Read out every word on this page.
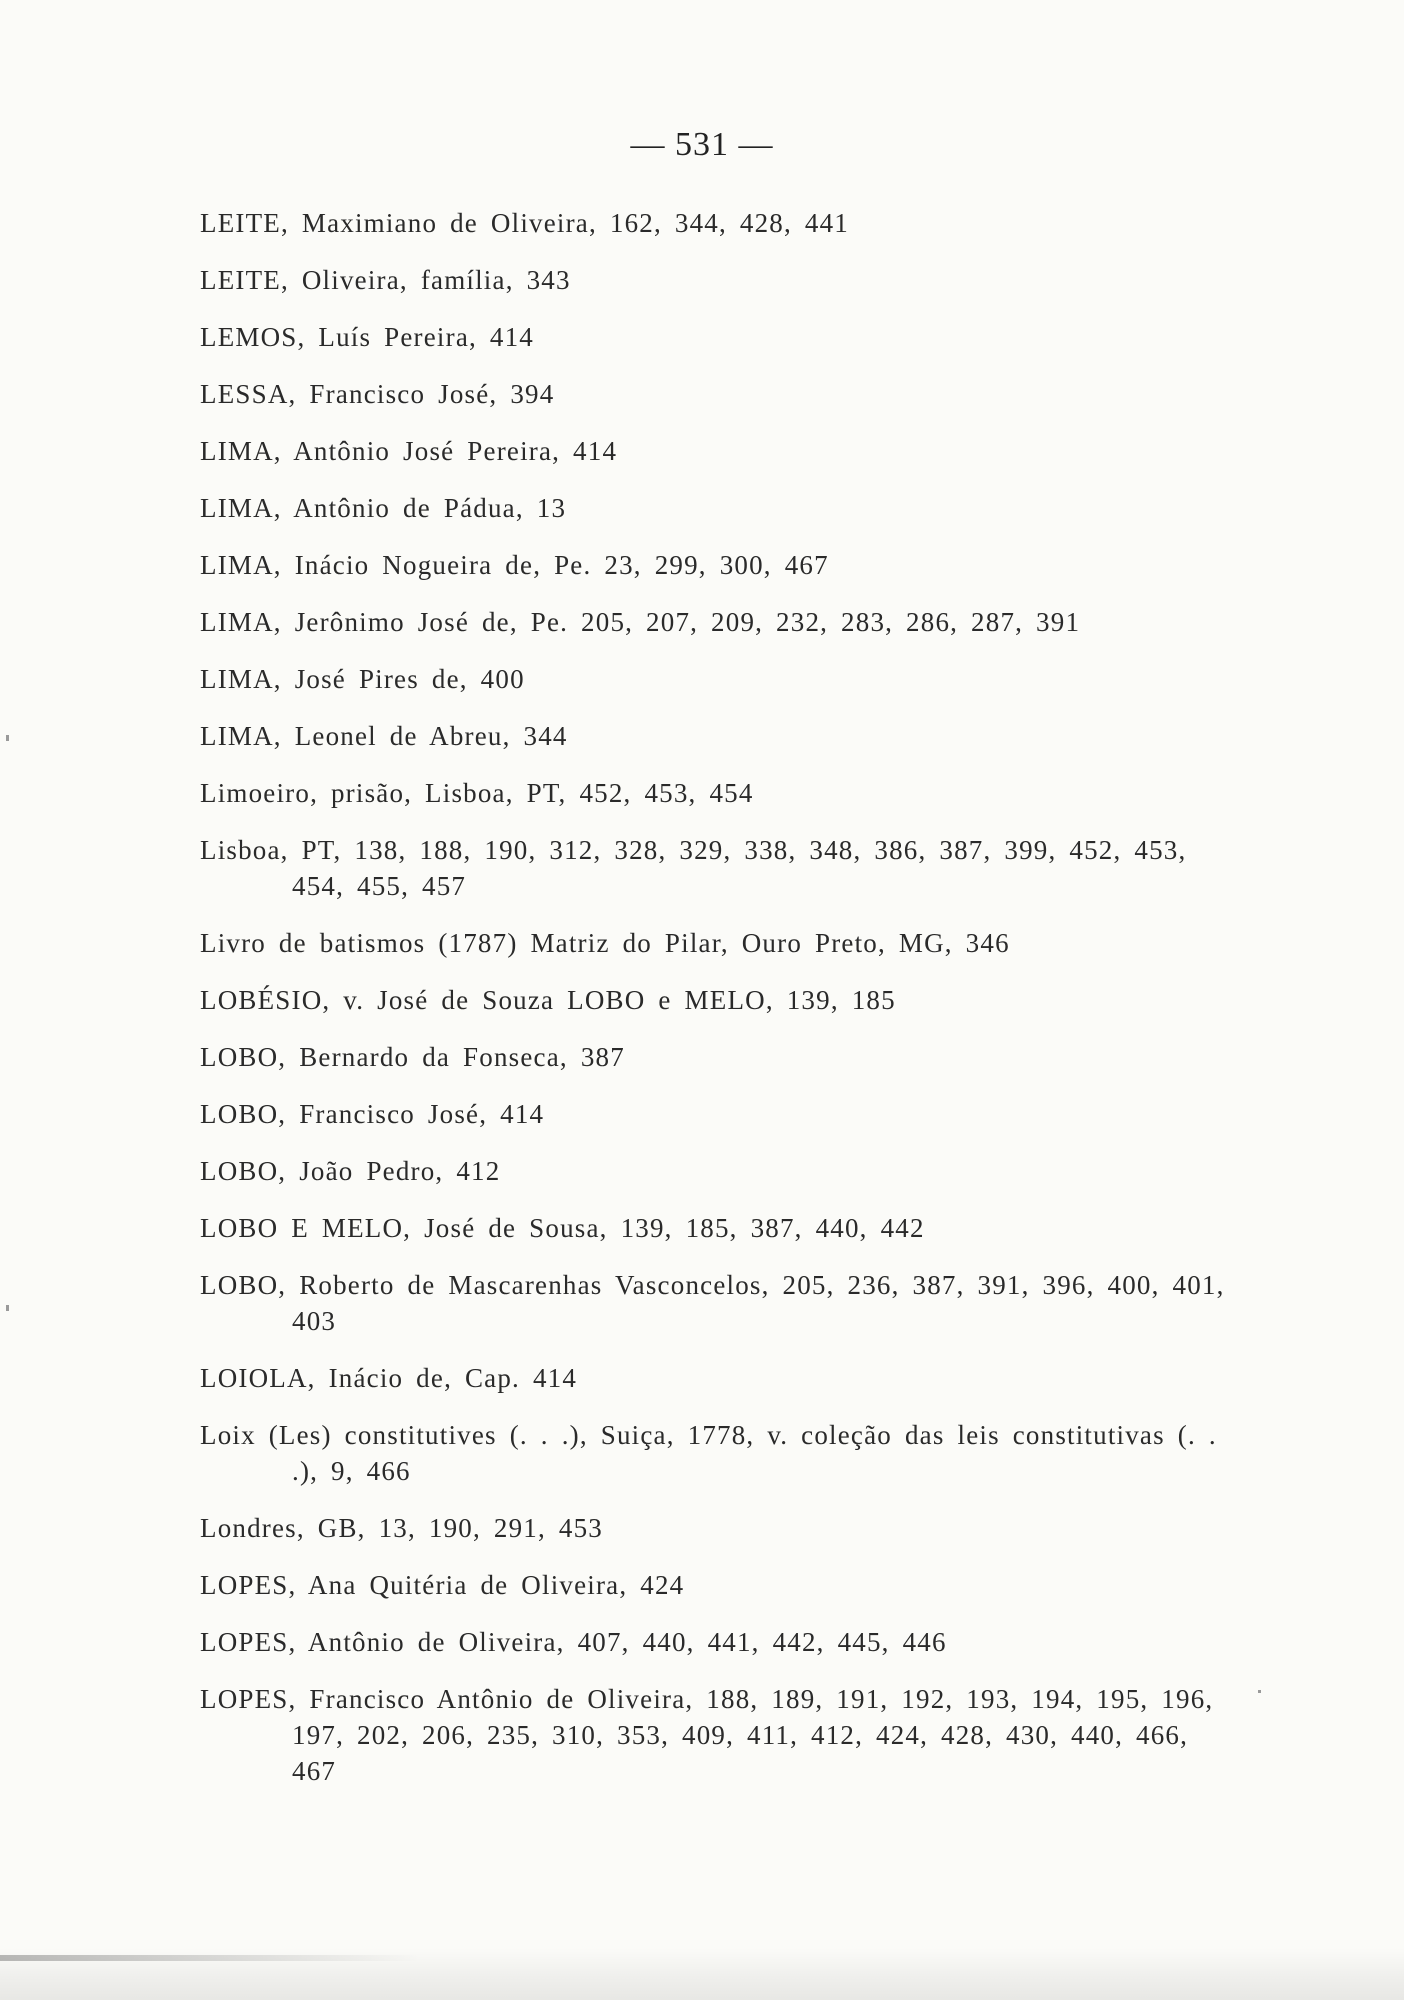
— 531 —
LEITE, Maximiano de Oliveira, 162, 344, 428, 441
LEITE, Oliveira, família, 343
LEMOS, Luís Pereira, 414
LESSA, Francisco José, 394
LIMA, Antônio José Pereira, 414
LIMA, Antônio de Pádua, 13
LIMA, Inácio Nogueira de, Pe. 23, 299, 300, 467
LIMA, Jerônimo José de, Pe. 205, 207, 209, 232, 283, 286, 287, 391
LIMA, José Pires de, 400
LIMA, Leonel de Abreu, 344
Limoeiro, prisão, Lisboa, PT, 452, 453, 454
Lisboa, PT, 138, 188, 190, 312, 328, 329, 338, 348, 386, 387, 399, 452, 453, 454, 455, 457
Livro de batismos (1787) Matriz do Pilar, Ouro Preto, MG, 346
LOBÉSIO, v. José de Souza LOBO e MELO, 139, 185
LOBO, Bernardo da Fonseca, 387
LOBO, Francisco José, 414
LOBO, João Pedro, 412
LOBO E MELO, José de Sousa, 139, 185, 387, 440, 442
LOBO, Roberto de Mascarenhas Vasconcelos, 205, 236, 387, 391, 396, 400, 401, 403
LOIOLA, Inácio de, Cap. 414
Loix (Les) constitutives (. . .), Suiça, 1778, v. coleção das leis constitutivas (. . .), 9, 466
Londres, GB, 13, 190, 291, 453
LOPES, Ana Quitéria de Oliveira, 424
LOPES, Antônio de Oliveira, 407, 440, 441, 442, 445, 446
LOPES, Francisco Antônio de Oliveira, 188, 189, 191, 192, 193, 194, 195, 196, 197, 202, 206, 235, 310, 353, 409, 411, 412, 424, 428, 430, 440, 466, 467
